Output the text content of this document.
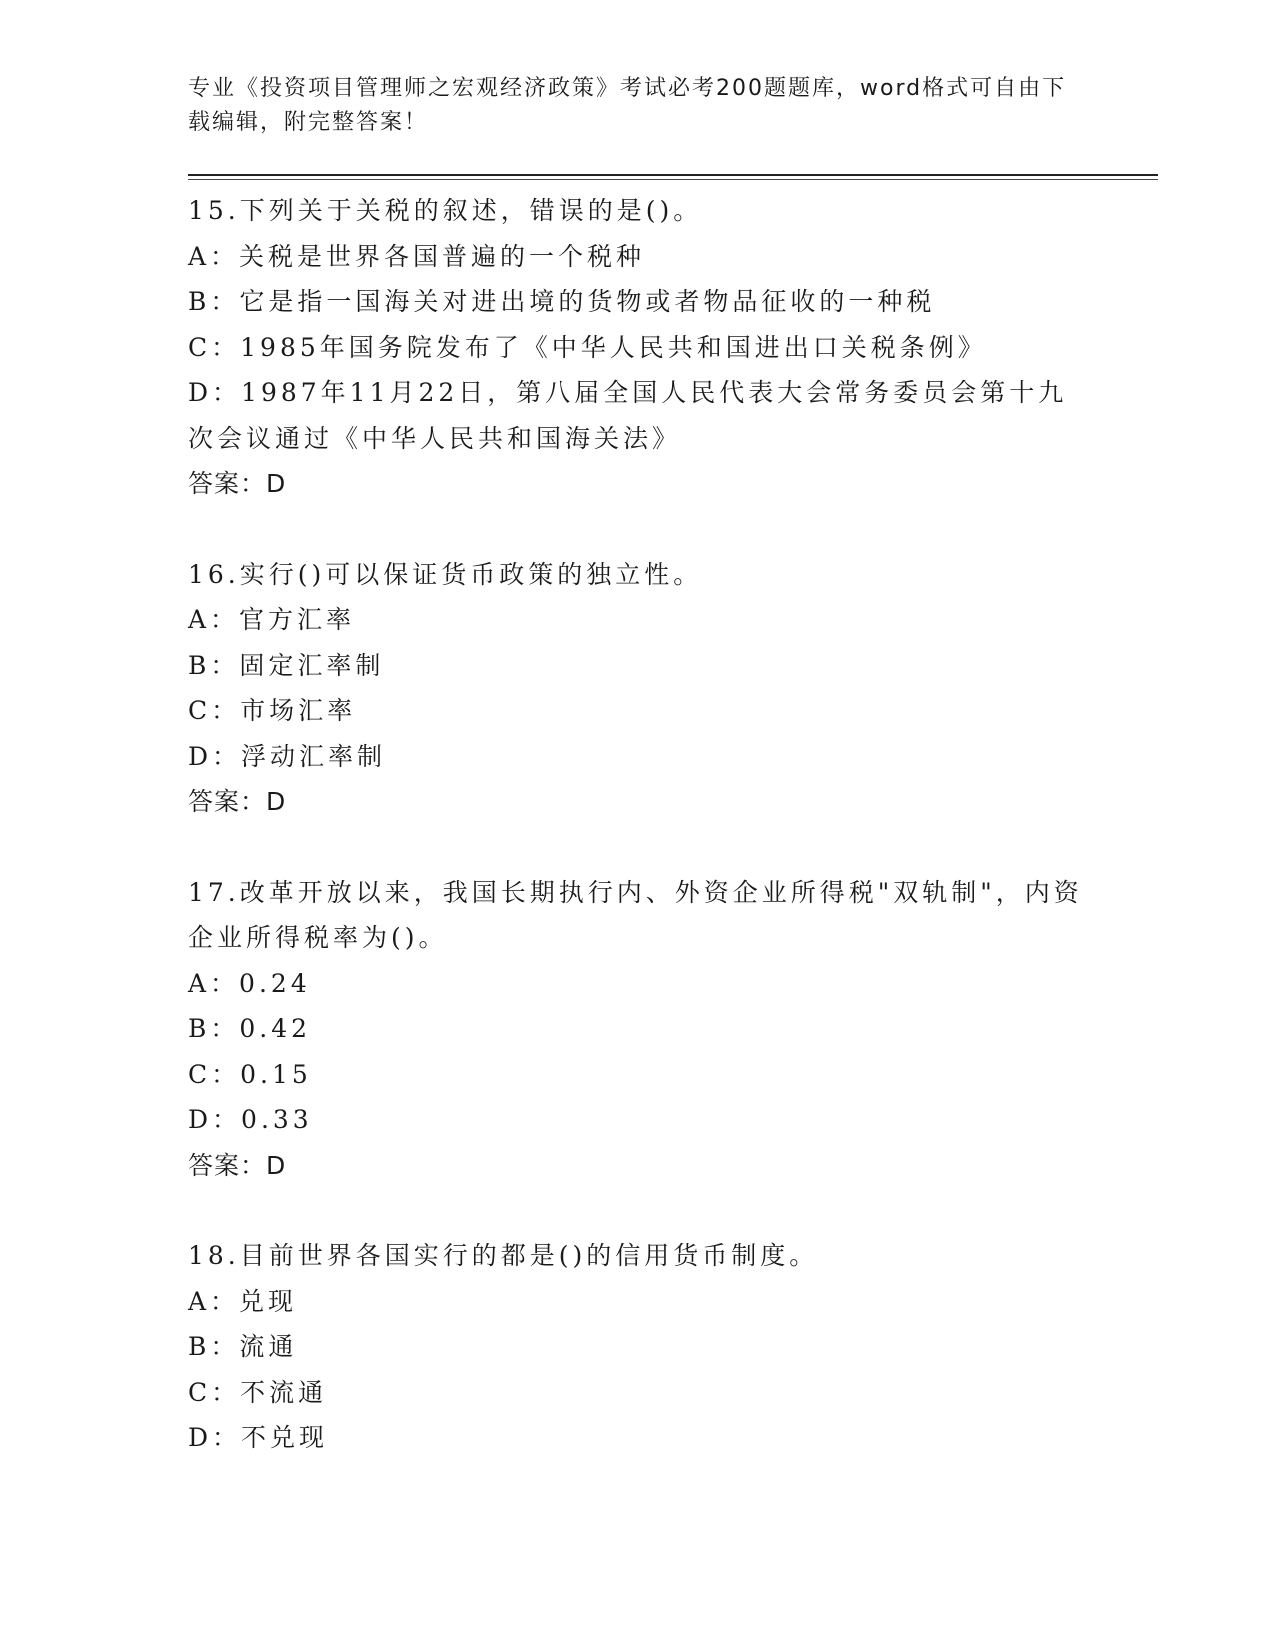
专业《投资项目管理师之宏观经济政策》考试必考200题题库，word格式可自由下载编辑，附完整答案！

15.下列关于关税的叙述，错误的是()。

A：关税是世界各国普遍的一个税种

B：它是指一国海关对进出境的货物或者物品征收的一种税

C：1985年国务院发布了《中华人民共和国进出口关税条例》

D：1987年11月22日，第八届全国人民代表大会常务委员会第十九次会议通过《中华人民共和国海关法》

答案：D

16.实行()可以保证货币政策的独立性。

A：官方汇率

B：固定汇率制

C：市场汇率

D：浮动汇率制

答案：D

17.改革开放以来，我国长期执行内、外资企业所得税"双轨制"，内资企业所得税率为()。

A：0.24

B：0.42

C：0.15

D：0.33

答案：D

18.目前世界各国实行的都是()的信用货币制度。

A：兑现

B：流通

C：不流通

D：不兑现
